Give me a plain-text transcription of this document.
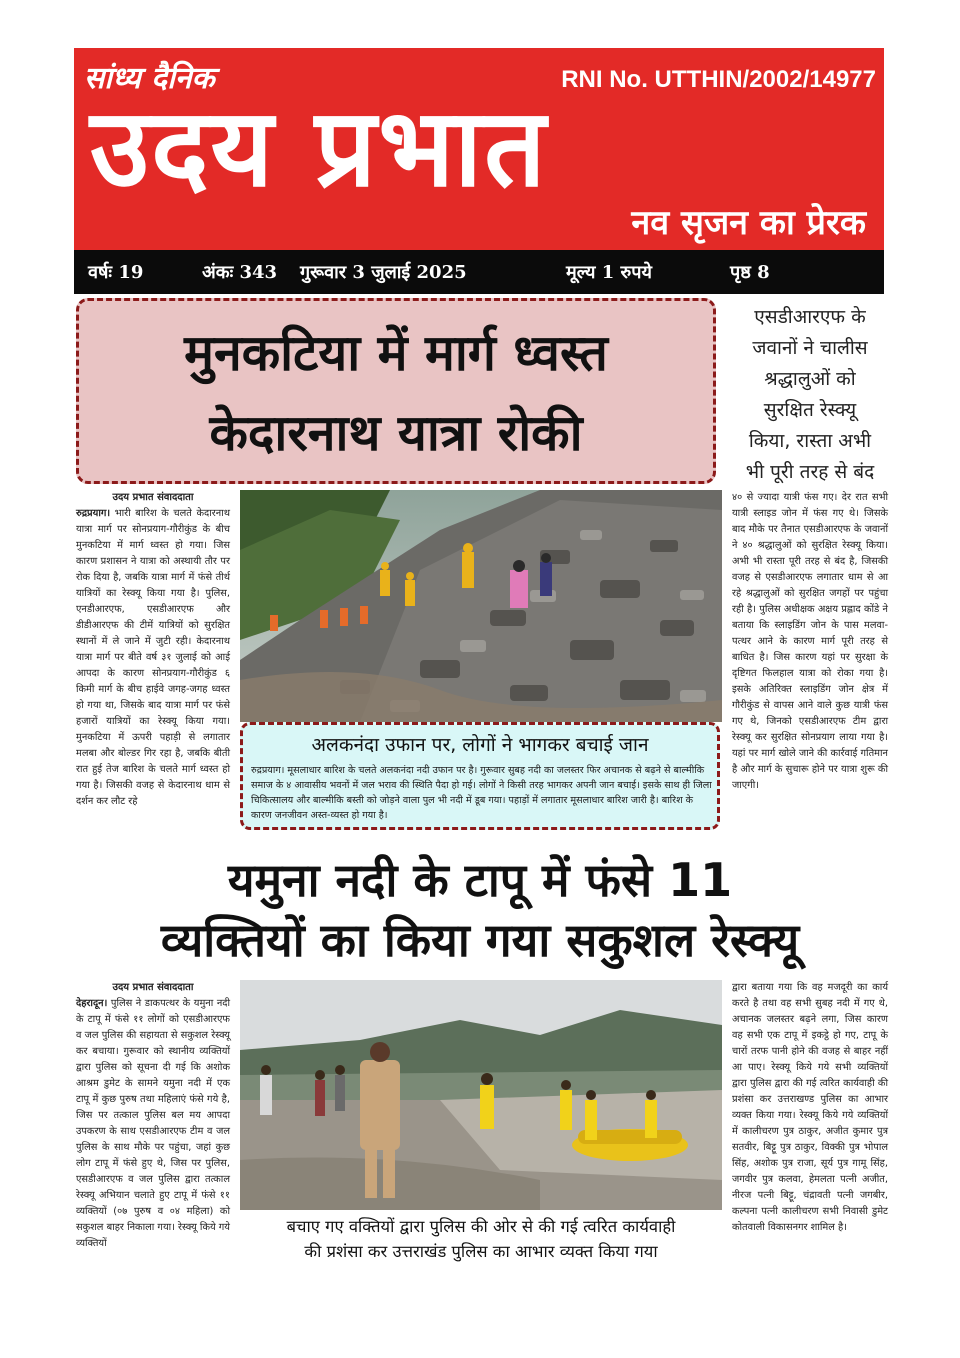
सांध्य दैनिक	RNI No. UTTHIN/2002/14977
उदय प्रभात
नव सृजन का प्रेरक
वर्षः 19	अंकः 343 गुरूवार 3 जुलाई 2025	मूल्य 1 रुपये	पृष्ठ 8
मुनकटिया में मार्ग ध्वस्त
केदारनाथ यात्रा रोकी
एसडीआरएफ के
जवानों ने चालीस
श्रद्धालुओं को
सुरक्षित रेस्क्यू
किया, रास्ता अभी
भी पूरी तरह से बंद
उदय प्रभात संवाददाता
रुद्रप्रयाग। भारी बारिश के चलते केदारनाथ यात्रा मार्ग पर सोनप्रयाग-गौरीकुंड के बीच मुनकटिया में मार्ग ध्वस्त हो गया। जिस कारण प्रशासन ने यात्रा को अस्थायी तौर पर रोक दिया है, जबकि यात्रा मार्ग में फंसे तीर्थ यात्रियों का रेस्क्यू किया गया है। पुलिस, एनडीआरएफ, एसडीआरएफ और डीडीआरएफ की टीमें यात्रियों को सुरक्षित स्थानों में ले जाने में जुटी रही। केदारनाथ यात्रा मार्ग पर बीते वर्ष ३१ जुलाई को आई आपदा के कारण सोनप्रयाग-गौरीकुंड ६ किमी मार्ग के बीच हाईवे जगह-जगह ध्वस्त हो गया था, जिसके बाद यात्रा मार्ग पर फंसे हजारों यात्रियों का रेस्क्यू किया गया। मुनकटिया में ऊपरी पहाड़ी से लगातार मलबा और बोल्डर गिर रहा है, जबकि बीती रात हुई तेज बारिश के चलते मार्ग ध्वस्त हो गया है। जिसकी वजह से केदारनाथ धाम से दर्शन कर लौट रहे
४० से ज्यादा यात्री फंस गए। देर रात सभी यात्री स्लाइड जोन में फंस गए थे। जिसके बाद मौके पर तैनात एसडीआरएफ के जवानों ने ४० श्रद्धालुओं को सुरक्षित रेस्क्यू किया। अभी भी रास्ता पूरी तरह से बंद है, जिसकी वजह से एसडीआरएफ लगातार धाम से आ रहे श्रद्धालुओं को सुरक्षित जगहों पर पहुंचा रही है। पुलिस अधीक्षक अक्षय प्रह्लाद कोंडे ने बताया कि स्लाइडिंग जोन के पास मलवा-पत्थर आने के कारण मार्ग पूरी तरह से बाधित है। जिस कारण यहां पर सुरक्षा के दृष्टिगत फिलहाल यात्रा को रोका गया है। इसके अतिरिक्त स्लाइडिंग जोन क्षेत्र में गौरीकुंड से वापस आने वाले कुछ यात्री फंस गए थे, जिनको एसडीआरएफ टीम द्वारा रेस्क्यू कर सुरक्षित सोनप्रयाग लाया गया है। यहां पर मार्ग खोले जाने की कार्रवाई गतिमान है और मार्ग के सुचारू होने पर यात्रा शुरू की जाएगी।
अलकनंदा उफान पर, लोगों ने भागकर बचाई जान
रुद्रप्रयाग। मूसलाधार बारिश के चलते अलकनंदा नदी उफान पर है। गुरूवार सुबह नदी का जलस्तर फिर अचानक से बढ़ने से बाल्मीकि समाज के ४ आवासीय भवनों में जल भराव की स्थिति पैदा हो गई। लोगों ने किसी तरह भागकर अपनी जान बचाई। इसके साथ ही जिला चिकित्सालय और बाल्मीकि बस्ती को जोड़ने वाला पुल भी नदी में डूब गया। पहाड़ों में लगातार मूसलाधार बारिश जारी है। बारिश के कारण जनजीवन अस्त-व्यस्त हो गया है।
यमुना नदी के टापू में फंसे 11
व्यक्तियों का किया गया सकुशल रेस्क्यू
उदय प्रभात संवाददाता
देहरादून। पुलिस ने डाकपत्थर के यमुना नदी के टापू में फंसे ११ लोगों को एसडीआरएफ व जल पुलिस की सहायता से सकुशल रेस्क्यू कर बचाया। गुरूवार को स्थानीय व्यक्तियों द्वारा पुलिस को सूचना दी गई कि अशोक आश्रम डुमेट के सामने यमुना नदी में एक टापू में कुछ पुरुष तथा महिलाएं फंसे गये है, जिस पर तत्काल पुलिस बल मय आपदा उपकरण के साथ एसडीआरएफ टीम व जल पुलिस के साथ मौके पर पहुंचा, जहां कुछ लोग टापू में फंसे हुए थे, जिस पर पुलिस, एसडीआरएफ व जल पुलिस द्वारा तत्काल रेस्क्यू अभियान चलाते हुए टापू में फंसे ११ व्यक्तियों (०७ पुरुष व ०४ महिला) को सकुशल बाहर निकाला गया। रेस्क्यू किये गये व्यक्तियों
द्वारा बताया गया कि वह मजदूरी का कार्य करते है तथा वह सभी सुबह नदी में गए थे, अचानक जलस्तर बढ़ने लगा, जिस कारण वह सभी एक टापू में इकट्ठे हो गए, टापू के चारों तरफ पानी होने की वजह से बाहर नहीं आ पाए। रेस्क्यू किये गये सभी व्यक्तियों द्वारा पुलिस द्वारा की गई त्वरित कार्यवाही की प्रशंसा कर उत्तराखण्ड पुलिस का आभार व्यक्त किया गया। रेस्क्यू किये गये व्यक्तियों में कालीचरण पुत्र ठाकुर, अजीत कुमार पुत्र सतवीर, बिट्टू पुत्र ठाकुर, विक्की पुत्र भोपाल सिंह, अशोक पुत्र राजा, सूर्य पुत्र गामू सिंह, जगवीर पुत्र कलवा, हेमलता पत्नी अजीत, नीरज पत्नी बिट्टू, चंद्रावती पत्नी जगबीर, कल्पना पत्नी कालीचरण सभी निवासी डुमेट कोतवाली विकासनगर शामिल है।
बचाए गए वक्तियों द्वारा पुलिस की ओर से की गई त्वरित कार्यवाही
की प्रशंसा कर उत्तराखंड पुलिस का आभार व्यक्त किया गया
